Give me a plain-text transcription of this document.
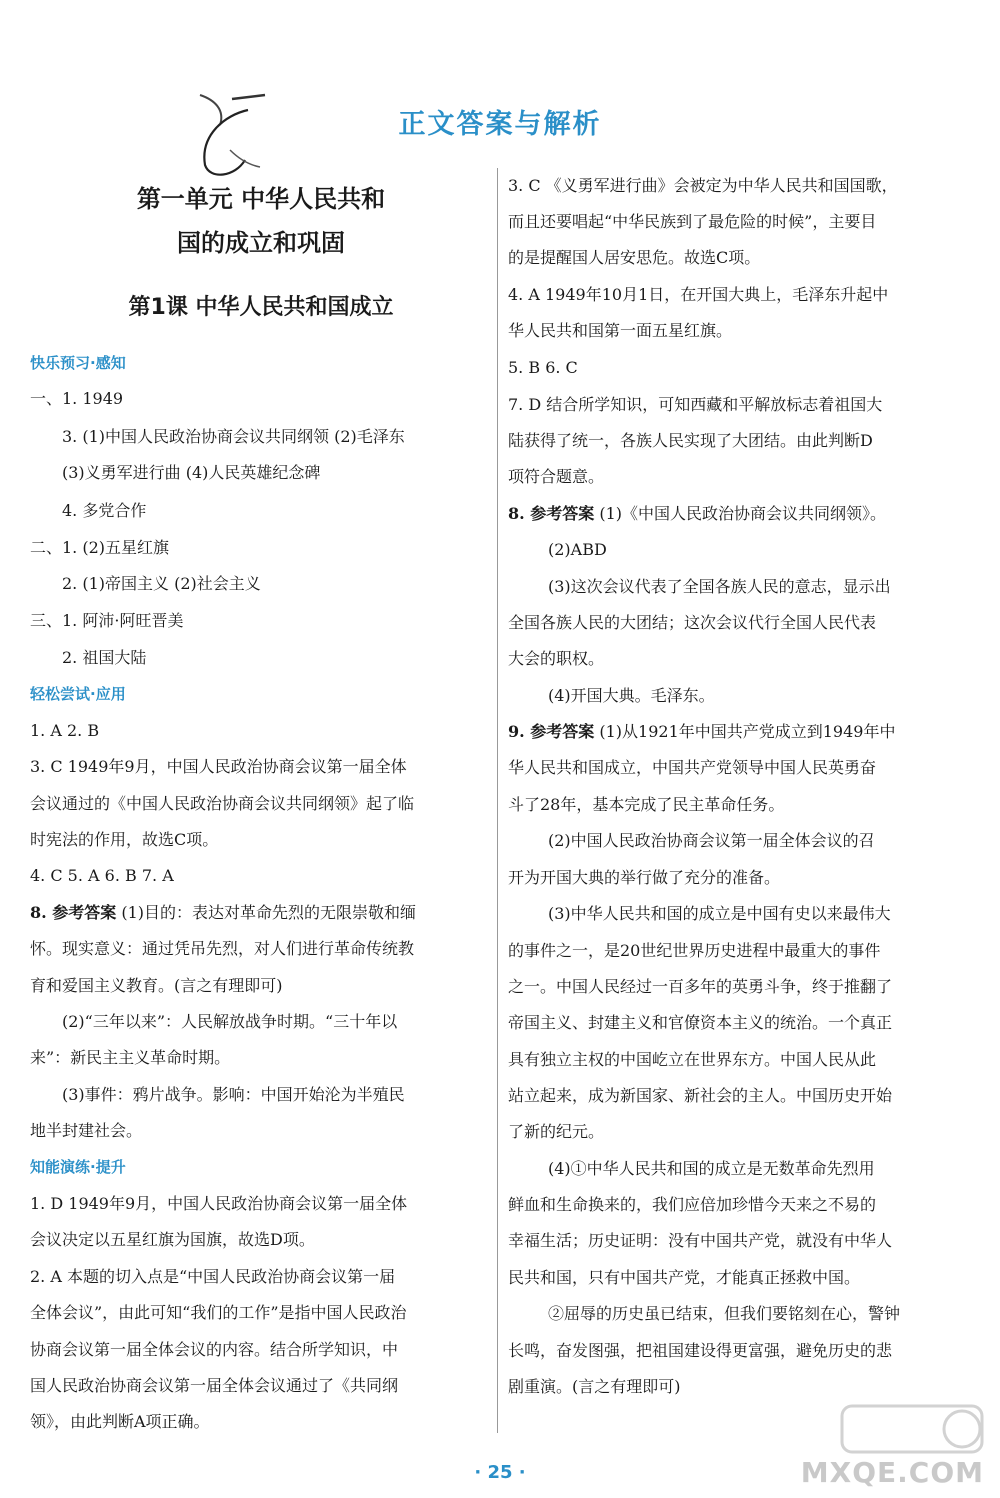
正文答案与解析
第一单元 中华人民共和
国的成立和巩固
第1课 中华人民共和国成立
快乐预习·感知
一、1. 1949
3. (1)中国人民政治协商会议共同纲领 (2)毛泽东
(3)义勇军进行曲 (4)人民英雄纪念碑
4. 多党合作
二、1. (2)五星红旗
2. (1)帝国主义 (2)社会主义
三、1. 阿沛·阿旺晋美
2. 祖国大陆
轻松尝试·应用
1. A 2. B
3. C 1949年9月，中国人民政治协商会议第一届全体
会议通过的《中国人民政治协商会议共同纲领》起了临
时宪法的作用，故选C项。
4. C 5. A 6. B 7. A
8. 参考答案 (1)目的：表达对革命先烈的无限崇敬和缅
怀。现实意义：通过凭吊先烈，对人们进行革命传统教
育和爱国主义教育。(言之有理即可)
(2)“三年以来”：人民解放战争时期。“三十年以
来”：新民主主义革命时期。
(3)事件：鸦片战争。影响：中国开始沦为半殖民
地半封建社会。
知能演练·提升
1. D 1949年9月，中国人民政治协商会议第一届全体
会议决定以五星红旗为国旗，故选D项。
2. A 本题的切入点是“中国人民政治协商会议第一届
全体会议”，由此可知“我们的工作”是指中国人民政治
协商会议第一届全体会议的内容。结合所学知识，中
国人民政治协商会议第一届全体会议通过了《共同纲
领》，由此判断A项正确。
3. C 《义勇军进行曲》会被定为中华人民共和国国歌，
而且还要唱起“中华民族到了最危险的时候”，主要目
的是提醒国人居安思危。故选C项。
4. A 1949年10月1日，在开国大典上，毛泽东升起中
华人民共和国第一面五星红旗。
5. B 6. C
7. D 结合所学知识，可知西藏和平解放标志着祖国大
陆获得了统一，各族人民实现了大团结。由此判断D
项符合题意。
8. 参考答案 (1)《中国人民政治协商会议共同纲领》。
(2)ABD
(3)这次会议代表了全国各族人民的意志，显示出
全国各族人民的大团结；这次会议代行全国人民代表
大会的职权。
(4)开国大典。毛泽东。
9. 参考答案 (1)从1921年中国共产党成立到1949年中
华人民共和国成立，中国共产党领导中国人民英勇奋
斗了28年，基本完成了民主革命任务。
(2)中国人民政治协商会议第一届全体会议的召
开为开国大典的举行做了充分的准备。
(3)中华人民共和国的成立是中国有史以来最伟大
的事件之一，是20世纪世界历史进程中最重大的事件
之一。中国人民经过一百多年的英勇斗争，终于推翻了
帝国主义、封建主义和官僚资本主义的统治。一个真正
具有独立主权的中国屹立在世界东方。中国人民从此
站立起来，成为新国家、新社会的主人。中国历史开始
了新的纪元。
(4)①中华人民共和国的成立是无数革命先烈用
鲜血和生命换来的，我们应倍加珍惜今天来之不易的
幸福生活；历史证明：没有中国共产党，就没有中华人
民共和国，只有中国共产党，才能真正拯救中国。
②屈辱的历史虽已结束，但我们要铭刻在心，警钟
长鸣，奋发图强，把祖国建设得更富强，避免历史的悲
剧重演。(言之有理即可)
· 25 ·	MXQE.COM
